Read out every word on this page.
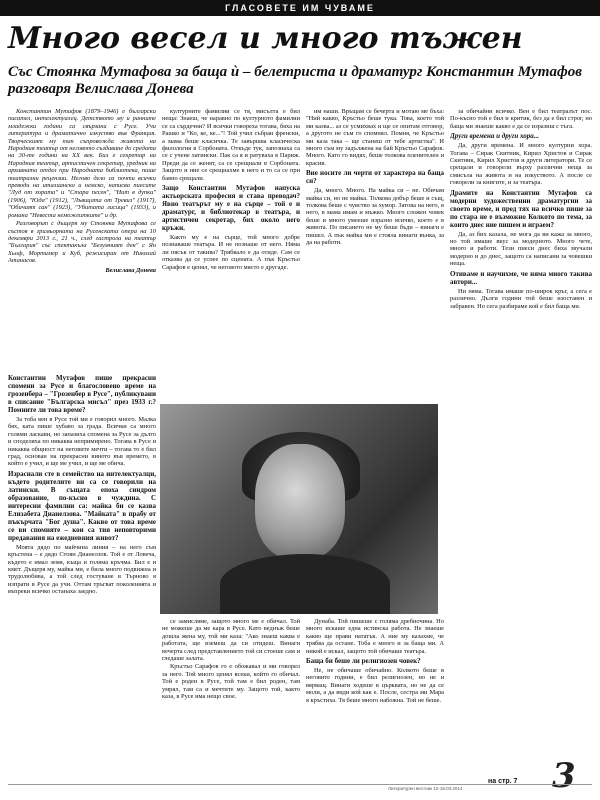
ГЛАСОВЕТЕ ИМ ЧУВАМЕ
Много весел и много тъжен
Със Стоянка Мутафова за баща ѝ – белетриста и драматург Константин Мутафов разговаря Велислава Донева

Константин Мутафов (1879–1946) е български писател, интелектуалец. Детството му и ранните младежки години са свързани с Русе. Учи литература и драматично изкуство във Франция. Творческият му път съпровожда живота на Народния театър от неговото създаване до средата на 30-те години на XX век. Бил е секретар на Народния театър, артистичен секретар, уредник на архивната отдел при Народната библиотека, пише театрални рецензии. Негово дело са почти всички преводи на италианско и немско, написва пиесите "Луд от хората" и "Стара песен", "Нит в дупки" (1906), "Юда" (1912), "Лъвицата от Тревиз" (1917), "Обичаят сан" (1923), "Убитата лисица" (1933), и романа "Невеста неможеитките" и др.

Разговорът с дъщеря му Стоянка Мутафова се състоя в гримьорната на Русенската опера на 10 декември 2013 г., 21 ч., след гастрола на театър "България" със спектакъла "Безумният ден" с Ян Хьоф, Мортимер и Куб, режисиран от Николай Атанасов.

Велислава Донева

Константин Мутафов пише прекрасни спомени за Русе и благословено време на грозенбера – "Грозенбер в Русе", публикувани в списание "Българска мисъл" през 1933 г.? Помните ли това време?

За тоба вен в Русе той ми е говорил много. Малка бях, ката пише хубаво за града. Всички са много голями ласкави, но запазиха спомена за Русе за дълго и споделяха по никаква непримирено. Тогава в Русе и никаква общност на неговите мечти – тогава то е бил град, основан на прекрасни виното във времето, в който е учил, и ще ме учил, и ще ме обича.

Израснали сте в семейство на интелектуалци, където родителите ви са се говорили на латински. В същата епоха синдром образование, по-късно в чуждина. С интересни фамилни са: майка би се казва Елизабета Дианелзова. "Майката" в прабу от пъкърчата "Бог душа". Какво от това време се ви спомняте – кои са тия неповторими предавания на ежедневния живот?

Моята дядо по майчина линия – на него съм кръстена – е дядо Стоян Дианелзов. Той е от Ловеча, където е имал земя, къща и голяма кръчма. Бил е и кмет. Дъщеря му, майка ми, е била много подвижна и трудолюбива, а той след гостуване в Търново я изпрати в Русе да учи. Оттам тръгват поколенията и въпреки всичко останаха заедно.

културните фамилии се тя, мисълта е бил неща: Знаеш, че наравно по културното фамилии се са сърдечни? И всички говореха тогава, бяха на Рашко и "Ко, ке, ке..."! Той учил събран френски, а мама беше класичка. Те завършва класическа филология в Сорбоната. Откъде тук, запознаха са се с учене латински. Пак са я и ратуваха в Париж. Преди да се женят, са се срещнали в Сорбоната. Защото и ние се срещнахме в него и то са се при бавно срещали.

Защо Константин Мутафов напуска актьорската професия и става преводач? Явно театърът му е на сърце – той е и драматург, и библиотекар в театъра, и артистичен секретар, бих около него кръжи.

Както му е на сърце, той много добре познаваше театъра. И не познаше от него. Няма ли пясък от такива? Трябвало е да отиде. Сам се отказва да се успее по сцената. А пък Кръстьо Сарафов е ценял, че неговото място е другаде.

им наши. Връщам се бечерта и мотаю ме бъха: "Ний какво, Кръстьо беше тука. Това, което той ми казва... аз се усмихвах и ще се опитам отговор, а другото не съм го спомнял. Помня, че Кръстьо ми каза така – ще станеш от тебе артистка". И много съм му задължена на бай Кръстьо Сарафов. Много. Като го видях, беше толкова пленителен и красив.

Вие носите ли черти от характера на баща си?

Да, много. Много. На майка си – не. Обичам майка си, но не майка. Толкова добър беше и същ, толкова беше с чувство за хумор. Затова на него, в него, в мама имам и мъжко. Много сложен човек беше и много умееше изразно всичко, което е в живота. По писането не му беше бъди – винаги е пишел. А пък майка ми е стояла винаги вънка, за да на работи.

за обичайни всичко. Вен е бил театралът пос. По-късно той е бил и критик, без да е бил строг, но баща ми знаеше какво е да се изразиш с тъга.

Други времена и други хора...

Да, други времена. И много културни хора. Тогава – Сирак Скитник, Кирил Христов и Сирак Скитник, Кирил Христов и други литератори. Те се срещали и говорели върху различни неща за смисъла на живота и на изкуството. А после се говорели за книгите, и за театъра.

Драмите на Константин Мутафов са модерни художественни драматургии за своето време, и пред тях на всичко пише за по стара не е възможно Колкото по тема, за които днес ние пишем и играем?

Да, аз бих казала, не мога да ви кажа за много, но той имаше вкус за модерното. Много чете, много и работи. Тези пиеси днес биха звучали модерно и до днес, защото са написани за човешки неща.

Отиваме и научихме, че няма много такива автори...

Ни няма. Тогава имаше по-широк кръг, а сега е различно. Дълги години той беше изоставен и забравен. Но сега разбираме кой е бил баща ми.

се замисляме, защото много ме е обичал. Той не можеше да ме кара в Русе. Като веднъж беше дошла жена му, той ми каза: "Ако знаеш каква е работата, ще вземеш да си отидеш. Винаги вечерта след представлението той си стоеше сам и гледаше залата.

Кръстьо Сарафов го е обожавал и ми говорел за него. Той много ценял всеки, който го обичал. Той е роден в Русе, той там е бил роден, там умрял, там са и мечтите му. Защото той, както каза, в Русе има нещо свое.

Дунаба. Той пишеше с голяма дребночина. Но много искаше една истинска работа. Не знаеше какво ще прави нататък. А ние му казахме, че трябва да остане. Тоба е много и за баща ми. А никой е искал, защото той обичаше театъра.

Баща би беше ли религиозен човек?

Не, не обичаше обичайно. Колкото беше в неговите години, е бил религиозен, но не и вярващ. Винаги ходеше в църквата, но не да се моли, а да види кой как е. После, сестра ми Мара я кръстиха. Тя беше много набожна. Той не беше.

на стр. 7 3
Литературен вестник 12-18.03.2014
